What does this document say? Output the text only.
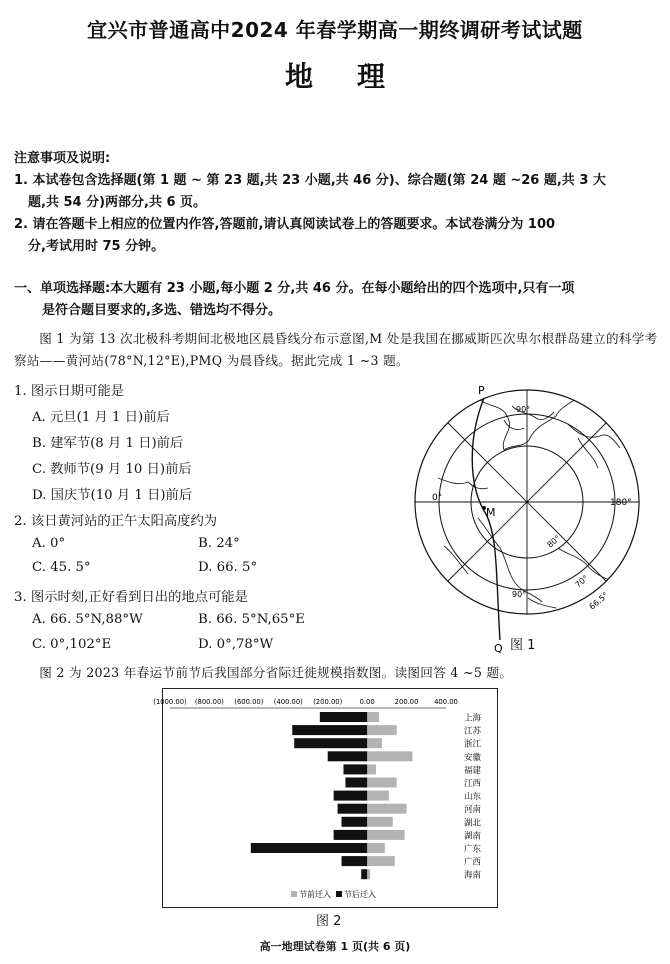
宜兴市普通高中2024 年春学期高一期终调研考试试题
地理
注意事项及说明:
1. 本试卷包含选择题(第 1 题 ~ 第 23 题,共 23 小题,共 46 分)、综合题(第 24 题 ~26 题,共 3 大
题,共 54 分)两部分,共 6 页。
2. 请在答题卡上相应的位置内作答,答题前,请认真阅读试卷上的答题要求。本试卷满分为 100
分,考试用时 75 分钟。
一、单项选择题:本大题有 23 小题,每小题 2 分,共 46 分。在每小题给出的四个选项中,只有一项
是符合题目要求的,多选、错选均不得分。
图 1 为第 13 次北极科考期间北极地区晨昏线分布示意图,M 处是我国在挪威斯匹次卑尔根群岛建立的科学考察站——黄河站(78°N,12°E),PMQ 为晨昏线。据此完成 1 ~3 题。
1. 图示日期可能是
A. 元旦(1 月 1 日)前后
B. 建军节(8 月 1 日)前后
C. 教师节(9 月 10 日)前后
D. 国庆节(10 月 1 日)前后
2. 该日黄河站的正午太阳高度约为
A. 0°	B. 24°
C. 45. 5°	D. 66. 5°
3. 图示时刻,正好看到日出的地点可能是
A. 66. 5°N,88°W	B. 66. 5°N,65°E
C. 0°,102°E	D. 0°,78°W
P
Q
M
0°	180°
90°
90°
80°
70°
66.5°
图 1
图 2 为 2023 年春运节前节后我国部分省际迁徙规模指数图。读图回答 4 ~5 题。
(1000.00) (800.00) (600.00) (400.00) (200.00)	0.00	200.00 400.00
上海
江苏
浙江
安徽
福建
江西
山东
河南
湖北
湖南
广东
广西
海南
节前迁入 节后迁入
图 2
高一地理试卷第 1 页(共 6 页)
